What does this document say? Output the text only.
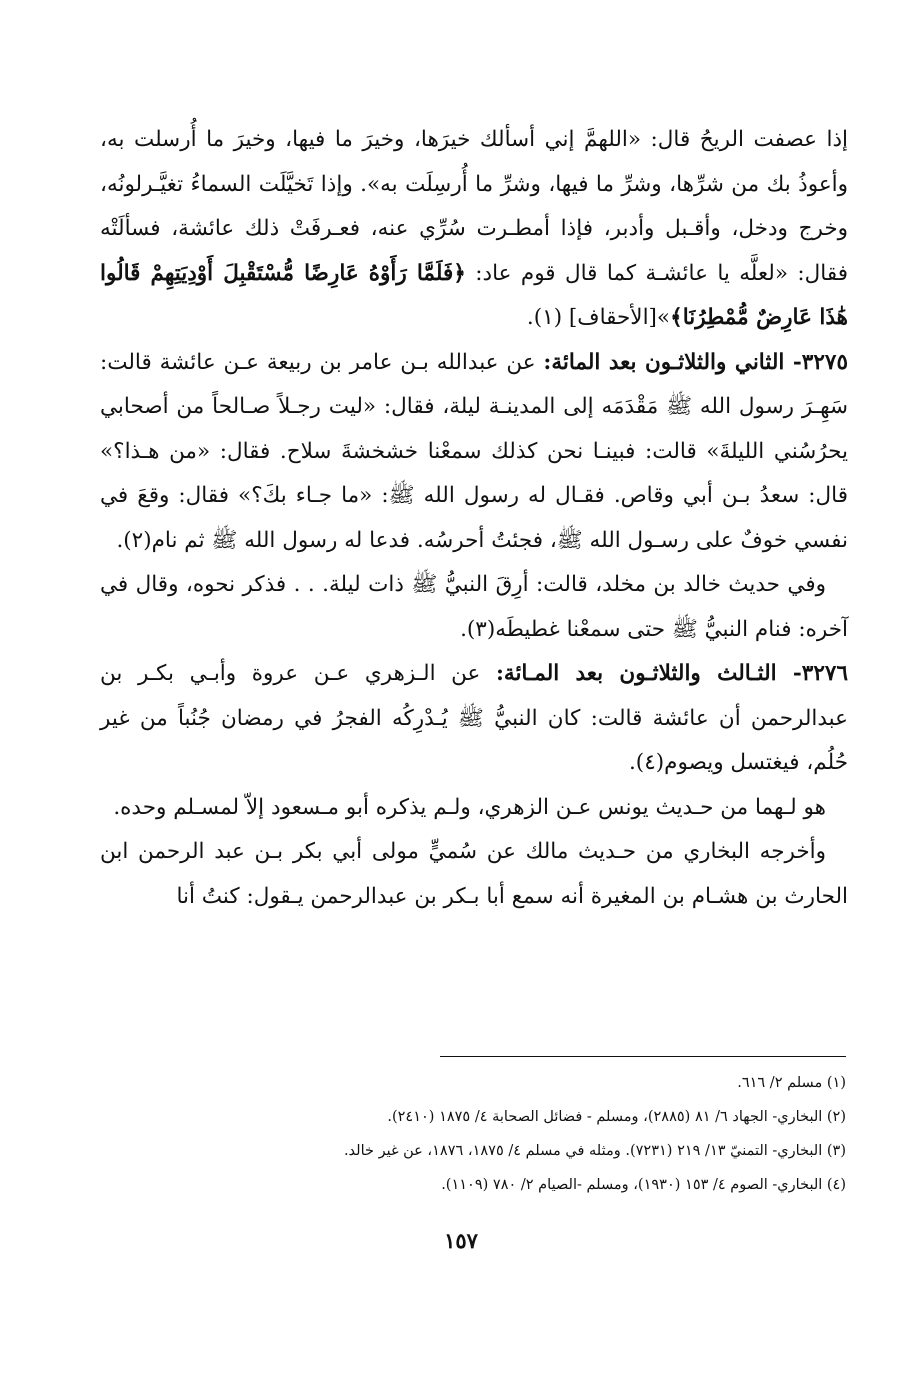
إذا عصفت الريحُ قال: «اللهمَّ إني أسألك خيرَها، وخيرَ ما فيها، وخيرَ ما أُرسلت به، وأعوذُ بك من شرِّها، وشرِّ ما فيها، وشرِّ ما أُرسِلَت به». وإذا تَخيَّلَت السماءُ تغيَّـرلونُه، وخرج ودخل، وأقـبل وأدبر، فإذا أمطـرت سُرِّي عنه، فعـرفَتْ ذلك عائشة، فسألَتْه فقال: «لعلَّه يا عائشـة كما قال قوم عاد: ﴿فَلَمَّا رَأَوْهُ عَارِضًا مُّسْتَقْبِلَ أَوْدِيَتِهِمْ قَالُوا هَٰذَا عَارِضٌ مُّمْطِرُنَا﴾»[الأحقاف] (١).

٣٢٧٥- الثاني والثلاثـون بعد المائة: عن عبدالله بـن عامر بن ربيعة عـن عائشة قالت: سَهِـرَ رسول الله ﷺ مَقْدَمَه إلى المدينـة ليلة، فقال: «ليت رجـلاً صـالحاً من أصحابي يحرُسُني الليلةَ» قالت: فبينـا نحن كذلك سمعْنا خشخشةَ سلاح. فقال: «من هـذا؟» قال: سعدُ بـن أبي وقاص. فقـال له رسول الله ﷺ: «ما جـاء بكَ؟» فقال: وقعَ في نفسي خوفٌ على رسـول الله ﷺ، فجئتُ أحرسُه. فدعا له رسول الله ﷺ ثم نام(٢).

وفي حديث خالد بن مخلد، قالت: أرِقَ النبيُّ ﷺ ذات ليلة. . . فذكر نحوه، وقال في آخره: فنام النبيُّ ﷺ حتى سمعْنا غطيطَه(٣).

٣٢٧٦- الثـالث والثلاثـون بعد المـائة: عن الـزهري عـن عروة وأبـي بكـر بن عبدالرحمن أن عائشة قالت: كان النبيُّ ﷺ يُـدْرِكُه الفجرُ في رمضان جُنُباً من غير حُلُم، فيغتسل ويصوم(٤).

هو لـهما من حـديث يونس عـن الزهري، ولـم يذكره أبو مـسعود إلاّ لمسـلم وحده.

وأخرجه البخاري من حـديث مالك عن سُميٍّ مولى أبي بكر بـن عبد الرحمن ابن الحارث بن هشـام بن المغيرة أنه سمع أبا بـكر بن عبدالرحمن يـقول: كنتُ أنا

(١) مسلم ٢/ ٦١٦.

(٢) البخاري- الجهاد ٦/ ٨١ (٢٨٨٥)، ومسلم - فضائل الصحابة ٤/ ١٨٧٥ (٢٤١٠).

(٣) البخاري- التمنيّ ١٣/ ٢١٩ (٧٢٣١). ومثله في مسلم ٤/ ١٨٧٥، ١٨٧٦، عن غير خالد.

(٤) البخاري- الصوم ٤/ ١٥٣ (١٩٣٠)، ومسلم -الصيام ٢/ ٧٨٠ (١١٠٩).

١٥٧
